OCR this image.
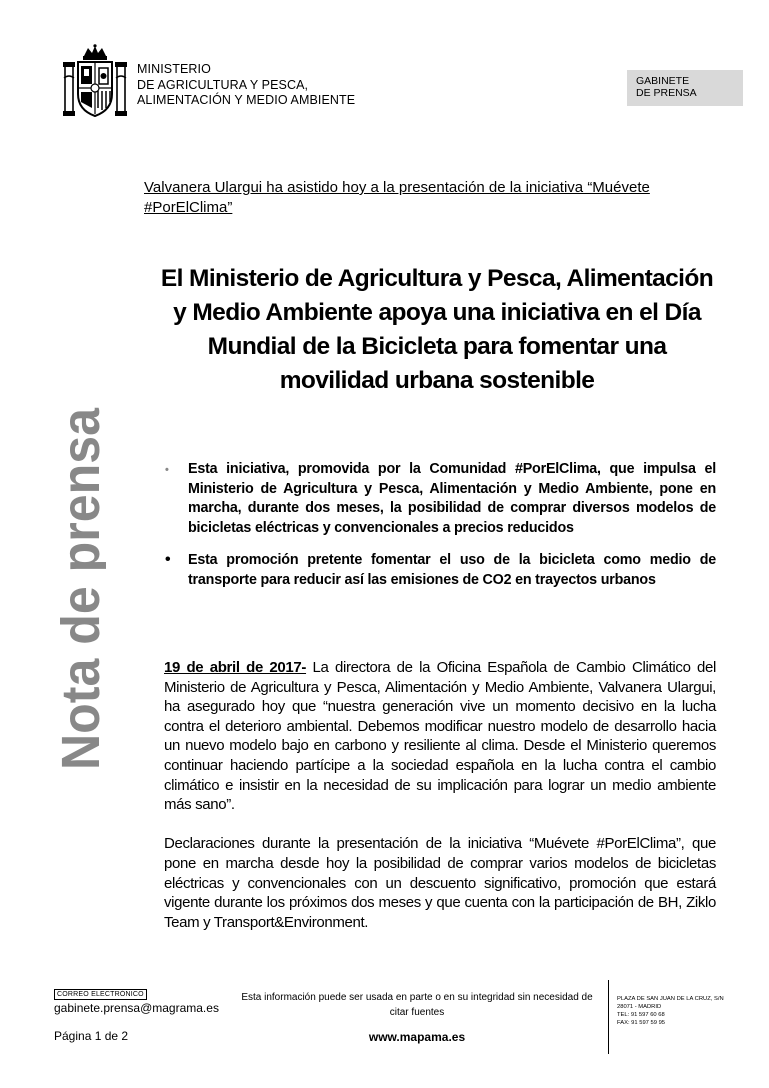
MINISTERIO
DE AGRICULTURA Y PESCA,
ALIMENTACIÓN Y MEDIO AMBIENTE
GABINETE
DE PRENSA
Valvanera Ulargui ha asistido hoy a la presentación de la iniciativa “Muévete #PorElClima”
El Ministerio de Agricultura y Pesca, Alimentación y Medio Ambiente apoya una iniciativa en el Día Mundial de la Bicicleta para fomentar una movilidad urbana sostenible
Nota de prensa	• Esta iniciativa, promovida por la Comunidad #PorElClima, que impulsa el Ministerio de Agricultura y Pesca, Alimentación y Medio Ambiente, pone en marcha, durante dos meses, la posibilidad de comprar diversos modelos de bicicletas eléctricas y convencionales a precios reducidos
• Esta promoción pretente fomentar el uso de la bicicleta como medio de transporte para reducir así las emisiones de CO2 en trayectos urbanos

19 de abril de 2017- La directora de la Oficina Española de Cambio Climático del Ministerio de Agricultura y Pesca, Alimentación y Medio Ambiente, Valvanera Ulargui, ha asegurado hoy que “nuestra generación vive un momento decisivo en la lucha contra el deterioro ambiental. Debemos modificar nuestro modelo de desarrollo hacia un nuevo modelo bajo en carbono y resiliente al clima. Desde el Ministerio queremos continuar haciendo partícipe a la sociedad española en la lucha contra el cambio climático e insistir en la necesidad de su implicación para lograr un medio ambiente más sano”.

Declaraciones durante la presentación de la iniciativa “Muévete #PorElClima”, que pone en marcha desde hoy la posibilidad de comprar varios modelos de bicicletas eléctricas y convencionales con un descuento significativo, promoción que estará vigente durante los próximos dos meses y que cuenta con la participación de BH, Ziklo Team y Transport&Environment.

CORREO ELECTRÓNICO
gabinete.prensa@magrama.es
Esta información puede ser usada en parte o en su integridad sin necesidad de citar fuentes
www.mapama.es
Página 1 de 2
PLAZA DE SAN JUAN DE LA CRUZ, S/N
28071 - MADRID
TEL: 91 597 60 68
FAX: 91 597 59 95
